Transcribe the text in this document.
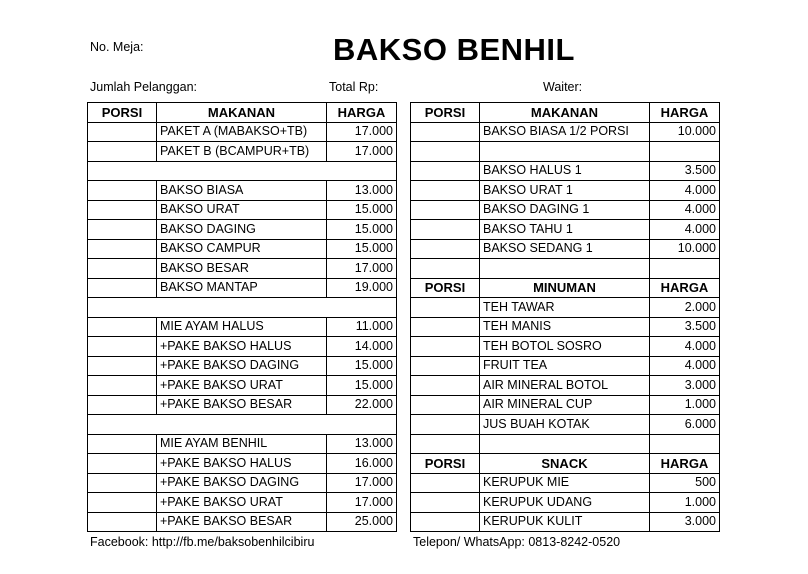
No. Meja:	BAKSO BENHIL
Jumlah Pelanggan:	Total Rp:	Waiter:
PORSI	MAKANAN	HARGA
	PAKET A (MABAKSO+TB)	17.000
	PAKET B (BCAMPUR+TB)	17.000

	BAKSO BIASA	13.000
	BAKSO URAT	15.000
	BAKSO DAGING	15.000
	BAKSO CAMPUR	15.000
	BAKSO BESAR	17.000
	BAKSO MANTAP	19.000

	MIE AYAM HALUS	11.000
	+PAKE BAKSO HALUS	14.000
	+PAKE BAKSO DAGING	15.000
	+PAKE BAKSO URAT	15.000
	+PAKE BAKSO BESAR	22.000

	MIE AYAM BENHIL	13.000
	+PAKE BAKSO HALUS	16.000
	+PAKE BAKSO DAGING	17.000
	+PAKE BAKSO URAT	17.000
	+PAKE BAKSO BESAR	25.000
PORSI	MAKANAN	HARGA
	BAKSO BIASA 1/2 PORSI	10.000

	BAKSO HALUS 1	3.500
	BAKSO URAT 1	4.000
	BAKSO DAGING 1	4.000
	BAKSO TAHU 1	4.000
	BAKSO SEDANG 1	10.000

PORSI	MINUMAN	HARGA
	TEH TAWAR	2.000
	TEH MANIS	3.500
	TEH BOTOL SOSRO	4.000
	FRUIT TEA	4.000
	AIR MINERAL BOTOL	3.000
	AIR MINERAL CUP	1.000
	JUS BUAH KOTAK	6.000

PORSI	SNACK	HARGA
	KERUPUK MIE	500
	KERUPUK UDANG	1.000
	KERUPUK KULIT	3.000
Facebook: http://fb.me/baksobenhilcibiru	Telepon/ WhatsApp: 0813-8242-0520
